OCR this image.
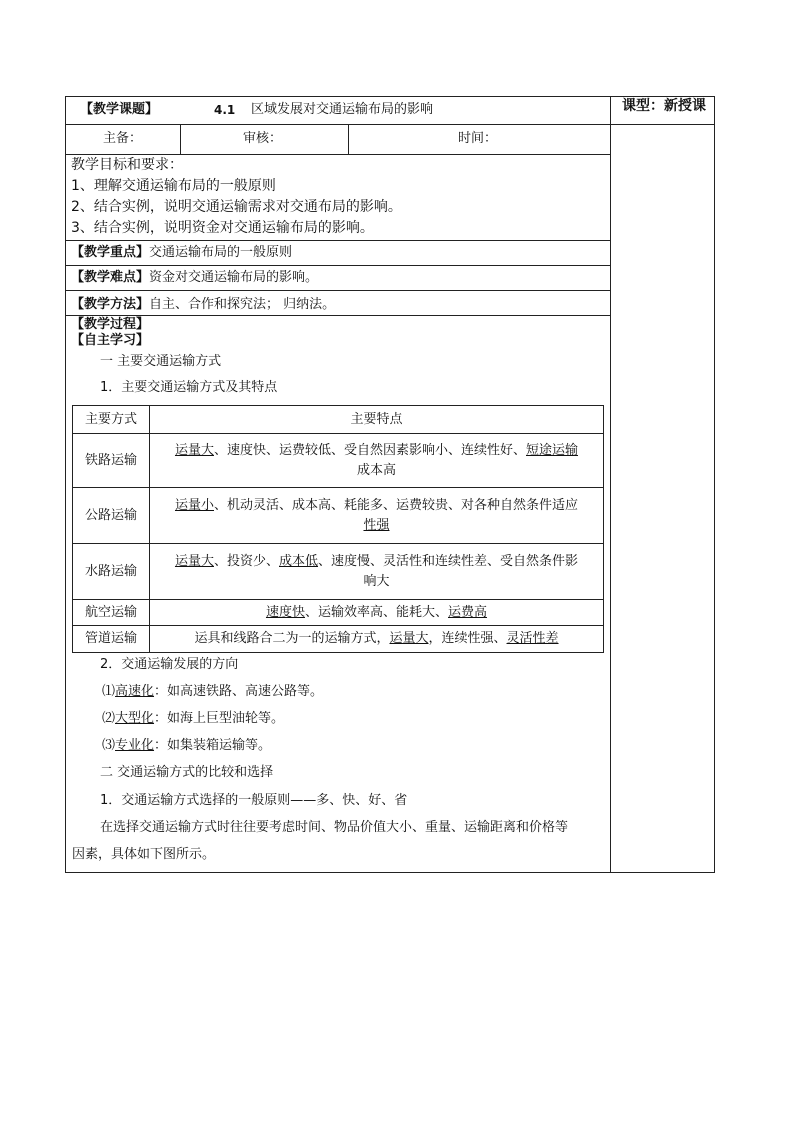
【教学课题】	4.1 区域发展对交通运输布局的影响	课型：新授课
主备：	审核：	时间：
教学目标和要求：
1、理解交通运输布局的一般原则
2、结合实例，说明交通运输需求对交通布局的影响。
3、结合实例，说明资金对交通运输布局的影响。
【教学重点】交通运输布局的一般原则
【教学难点】资金对交通运输布局的影响。
【教学方法】自主、合作和探究法； 归纳法。
【教学过程】
【自主学习】
一 主要交通运输方式
1．主要交通运输方式及其特点
主要方式	主要特点
铁路运输	运量大、速度快、运费较低、受自然因素影响小、连续性好、短途运输
成本高

公路运输	运量小、机动灵活、成本高、耗能多、运费较贵、对各种自然条件适应
性强

水路运输	运量大、投资少、成本低、速度慢、灵活性和连续性差、受自然条件影
响大

航空运输	速度快、运输效率高、能耗大、运费高
管道运输	运具和线路合二为一的运输方式，运量大，连续性强、灵活性差
2．交通运输发展的方向
⑴高速化：如高速铁路、高速公路等。
⑵大型化：如海上巨型油轮等。
⑶专业化：如集装箱运输等。
二 交通运输方式的比较和选择
1．交通运输方式选择的一般原则——多、快、好、省
在选择交通运输方式时往往要考虑时间、物品价值大小、重量、运输距离和价格等
因素，具体如下图所示。
